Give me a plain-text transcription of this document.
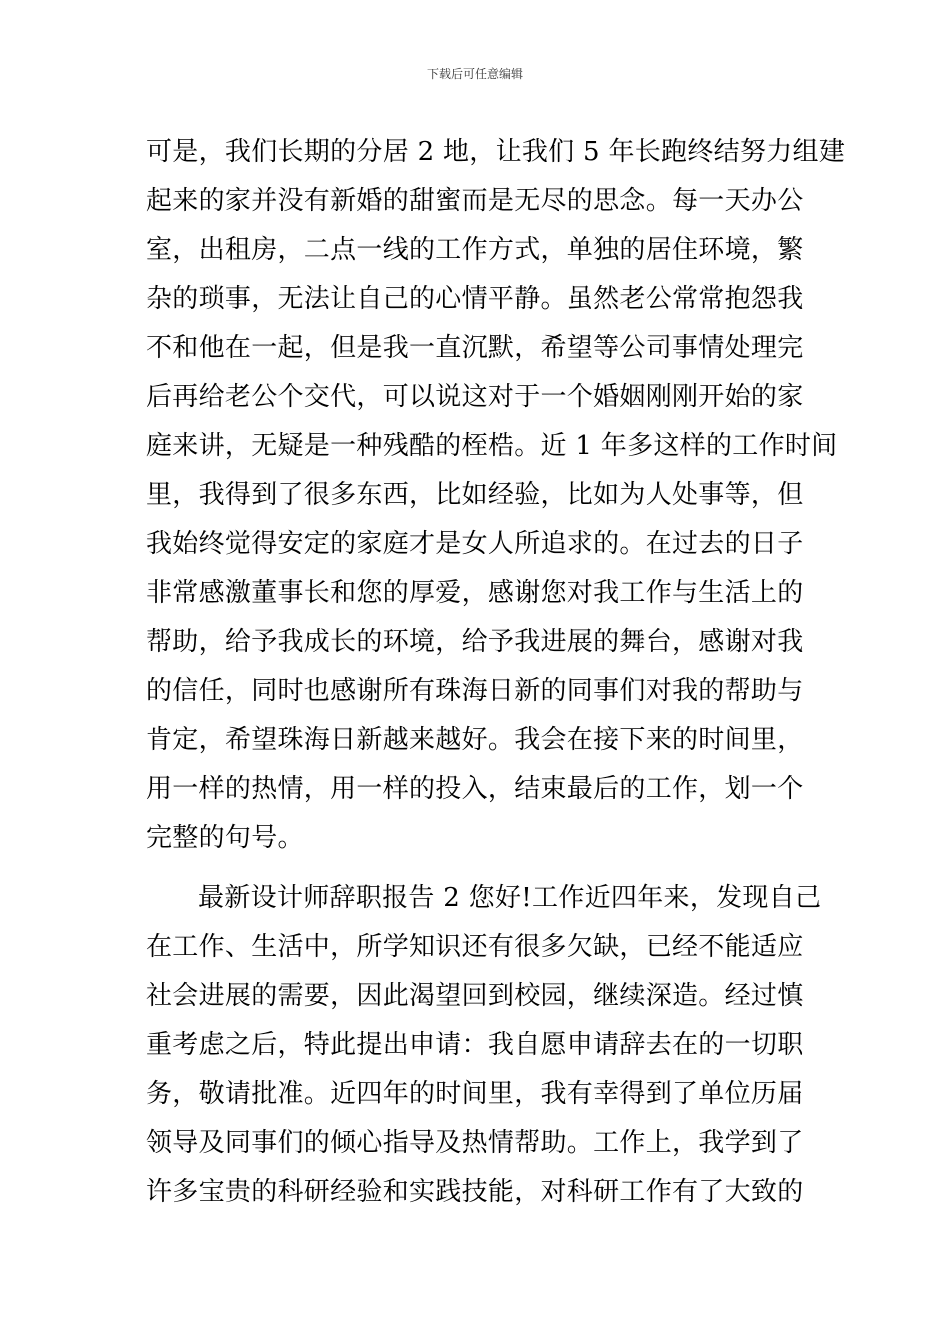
下载后可任意编辑
可是，我们长期的分居 2 地，让我们 5 年长跑终结努力组建
起来的家并没有新婚的甜蜜而是无尽的思念。每一天办公
室，出租房，二点一线的工作方式，单独的居住环境，繁
杂的琐事，无法让自己的心情平静。虽然老公常常抱怨我
不和他在一起，但是我一直沉默，希望等公司事情处理完
后再给老公个交代，可以说这对于一个婚姻刚刚开始的家
庭来讲，无疑是一种残酷的桎梏。近 1 年多这样的工作时间
里，我得到了很多东西，比如经验，比如为人处事等，但
我始终觉得安定的家庭才是女人所追求的。在过去的日子
非常感激董事长和您的厚爱，感谢您对我工作与生活上的
帮助，给予我成长的环境，给予我进展的舞台，感谢对我
的信任，同时也感谢所有珠海日新的同事们对我的帮助与
肯定，希望珠海日新越来越好。我会在接下来的时间里，
用一样的热情，用一样的投入，结束最后的工作，划一个
完整的句号。
最新设计师辞职报告 2 您好!工作近四年来，发现自己
在工作、生活中，所学知识还有很多欠缺，已经不能适应
社会进展的需要，因此渴望回到校园，继续深造。经过慎
重考虑之后，特此提出申请：我自愿申请辞去在的一切职
务，敬请批准。近四年的时间里，我有幸得到了单位历届
领导及同事们的倾心指导及热情帮助。工作上，我学到了
许多宝贵的科研经验和实践技能，对科研工作有了大致的
